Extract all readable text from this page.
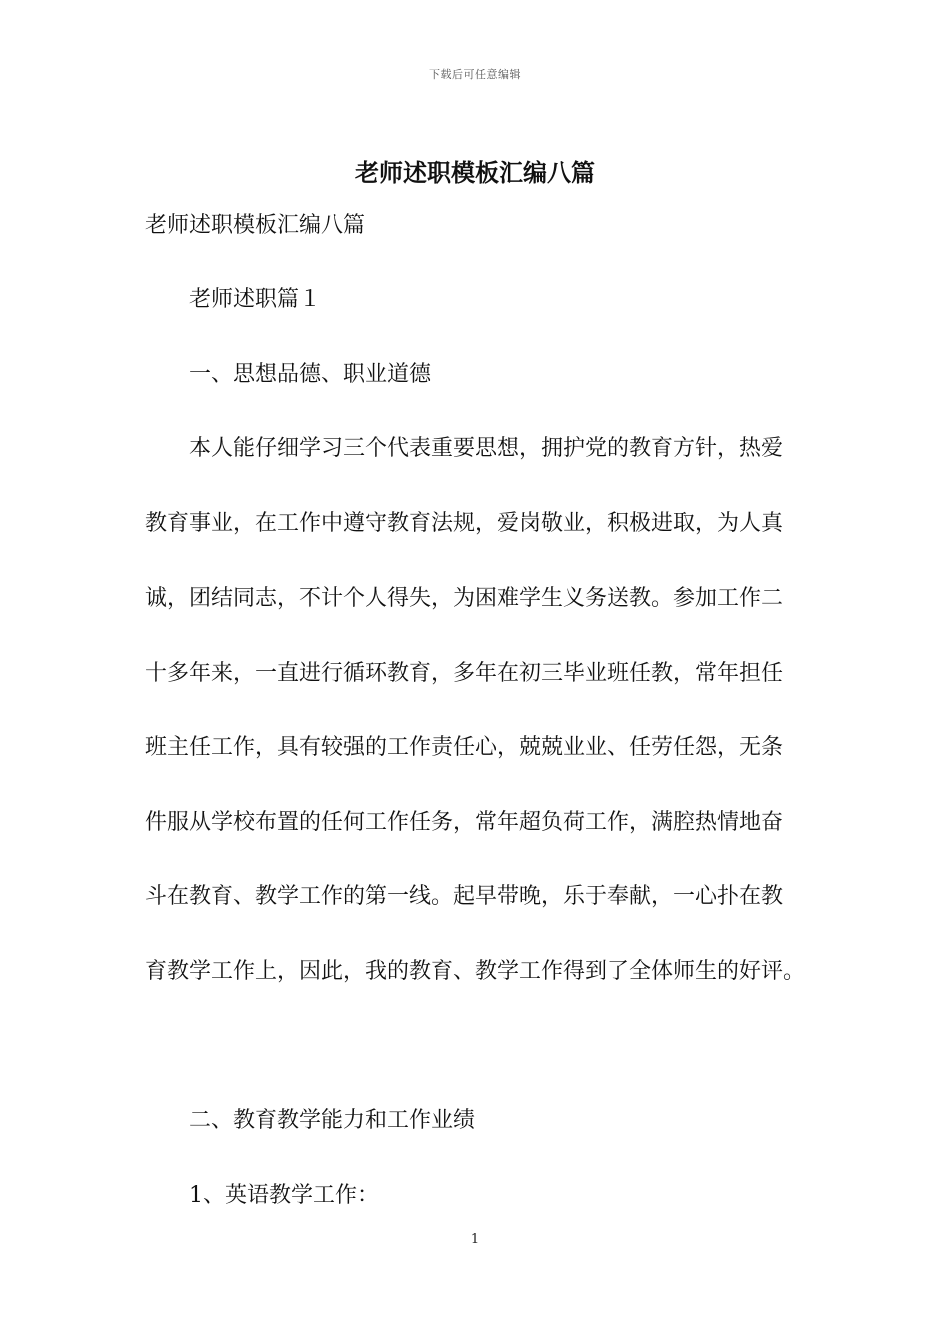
下载后可任意编辑
老师述职模板汇编八篇

老师述职模板汇编八篇

老师述职篇１

一、思想品德、职业道德

本人能仔细学习三个代表重要思想，拥护党的教育方针，热爱

教育事业，在工作中遵守教育法规，爱岗敬业，积极进取，为人真

诚，团结同志，不计个人得失，为困难学生义务送教。参加工作二

十多年来，一直进行循环教育，多年在初三毕业班任教，常年担任

班主任工作，具有较强的工作责任心，兢兢业业、任劳任怨，无条

件服从学校布置的任何工作任务，常年超负荷工作，满腔热情地奋

斗在教育、教学工作的第一线。起早带晚，乐于奉献，一心扑在教

育教学工作上，因此，我的教育、教学工作得到了全体师生的好评。

二、教育教学能力和工作业绩

1、英语教学工作：

1
